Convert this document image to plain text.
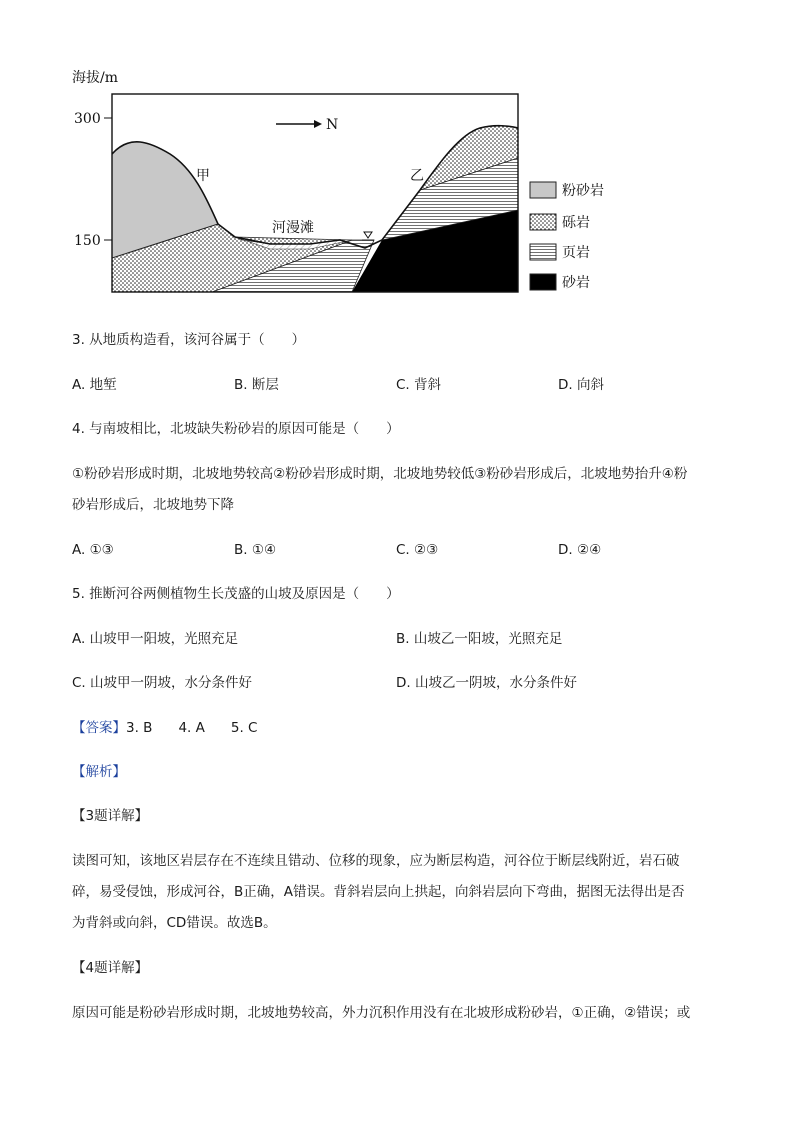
海拔/m
300
150
N
甲	乙
河漫滩
粉砂岩
砾岩
页岩
砂岩
3. 从地质构造看，该河谷属于（　　）
A. 地堑	B. 断层	C. 背斜	D. 向斜
4. 与南坡相比，北坡缺失粉砂岩的原因可能是（　　）
①粉砂岩形成时期，北坡地势较高②粉砂岩形成时期，北坡地势较低③粉砂岩形成后，北坡地势抬升④粉
砂岩形成后，北坡地势下降
A. ①③	B. ①④	C. ②③	D. ②④
5. 推断河谷两侧植物生长茂盛的山坡及原因是（　　）
A. 山坡甲一阳坡，光照充足	B. 山坡乙一阳坡，光照充足
C. 山坡甲一阴坡，水分条件好	D. 山坡乙一阴坡，水分条件好
【答案】3. B 4. A 5. C
【解析】
【3题详解】
读图可知，该地区岩层存在不连续且错动、位移的现象，应为断层构造，河谷位于断层线附近，岩石破
碎，易受侵蚀，形成河谷，B正确，A错误。背斜岩层向上拱起，向斜岩层向下弯曲，据图无法得出是否
为背斜或向斜，CD错误。故选B。
【4题详解】
原因可能是粉砂岩形成时期，北坡地势较高，外力沉积作用没有在北坡形成粉砂岩，①正确，②错误；或
